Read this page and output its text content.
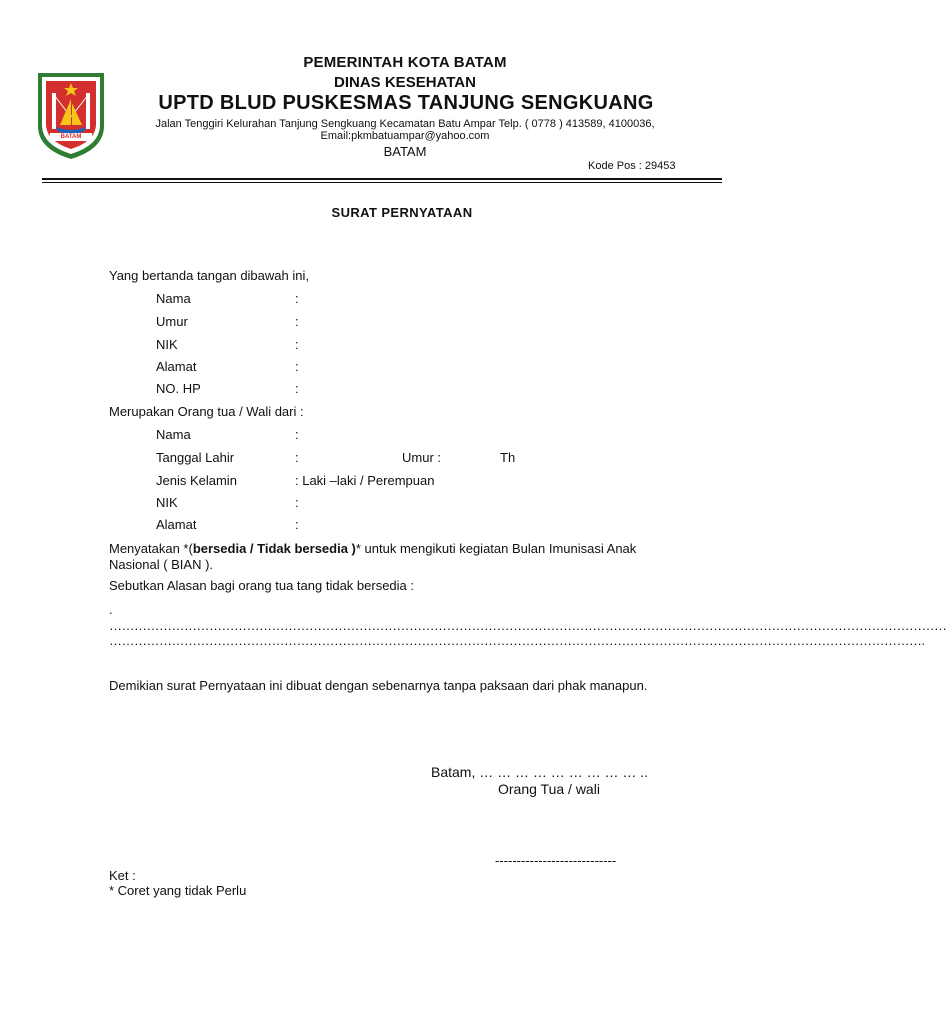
BATAM
PEMERINTAH KOTA BATAM
DINAS KESEHATAN
UPTD BLUD PUSKESMAS TANJUNG SENGKUANG
Jalan Tenggiri Kelurahan Tanjung Sengkuang Kecamatan Batu Ampar Telp. ( 0778 ) 413589, 4100036,
Email:pkmbatuampar@yahoo.com
BATAM
Kode Pos : 29453
SURAT PERNYATAAN
Yang bertanda tangan dibawah ini,
Nama	:
Umur	:
NIK	:
Alamat	:
NO. HP	:
Merupakan Orang tua / Wali dari :
Nama	:
Tanggal Lahir	:	Umur :	Th
Jenis Kelamin	: Laki –laki / Perempuan
NIK	:
Alamat	:
Menyatakan *(bersedia / Tidak bersedia )* untuk mengikuti kegiatan Bulan Imunisasi Anak
Nasional ( BIAN ).
Sebutkan Alasan bagi orang tua tang tidak bersedia :
.
…………………………………………………………………………………………………………………………………………………………………………………
…………………………………………………………………………………………………………………………………………………………………………….
Demikian surat Pernyataan ini dibuat dengan sebenarnya tanpa paksaan dari phak manapun.
Batam, … … … … … … … … … ..
Orang Tua / wali
----------------------------
Ket :
* Coret yang tidak Perlu
